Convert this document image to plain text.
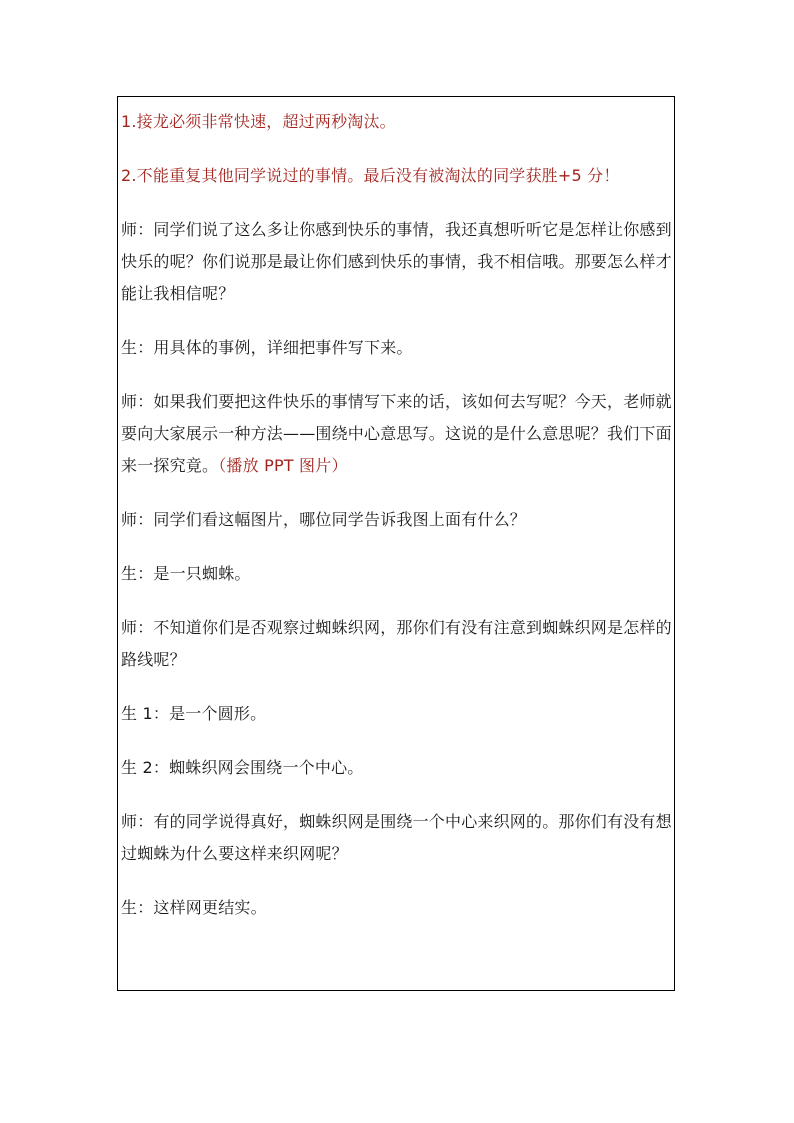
1.接龙必须非常快速，超过两秒淘汰。

2.不能重复其他同学说过的事情。最后没有被淘汰的同学获胜+5 分！

师：同学们说了这么多让你感到快乐的事情，我还真想听听它是怎样让你感到快乐的呢？你们说那是最让你们感到快乐的事情，我不相信哦。那要怎么样才能让我相信呢？

生：用具体的事例，详细把事件写下来。

师：如果我们要把这件快乐的事情写下来的话，该如何去写呢？今天，老师就要向大家展示一种方法——围绕中心意思写。这说的是什么意思呢？我们下面来一探究竟。（播放 PPT 图片）

师：同学们看这幅图片，哪位同学告诉我图上面有什么？

生：是一只蜘蛛。

师：不知道你们是否观察过蜘蛛织网，那你们有没有注意到蜘蛛织网是怎样的路线呢？

生 1：是一个圆形。

生 2：蜘蛛织网会围绕一个中心。

师：有的同学说得真好，蜘蛛织网是围绕一个中心来织网的。那你们有没有想过蜘蛛为什么要这样来织网呢？

生：这样网更结实。
